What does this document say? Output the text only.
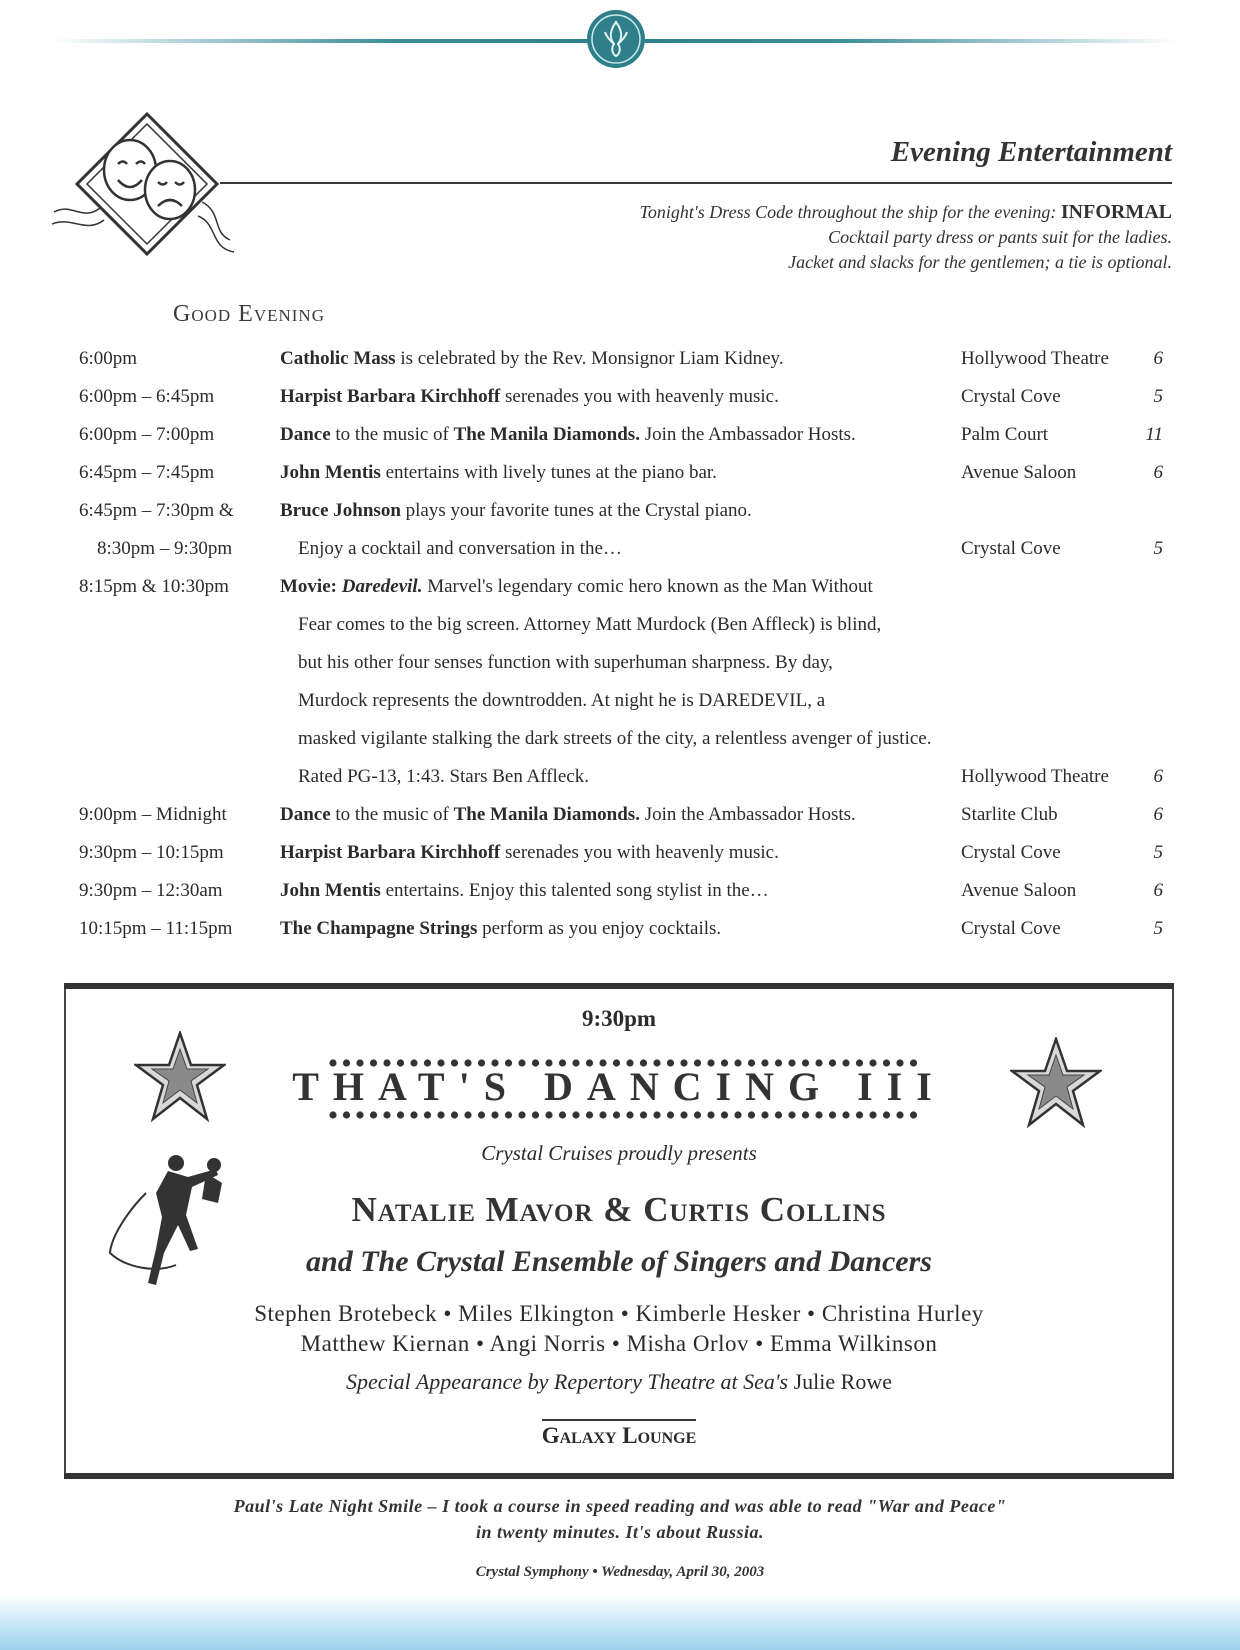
Evening Entertainment
Tonight's Dress Code throughout the ship for the evening: INFORMAL
Cocktail party dress or pants suit for the ladies.
Jacket and slacks for the gentlemen; a tie is optional.
Good Evening
6:00pm	Catholic Mass is celebrated by the Rev. Monsignor Liam Kidney.	Hollywood Theatre 6
6:00pm – 6:45pm	Harpist Barbara Kirchhoff serenades you with heavenly music.	Crystal Cove	5
6:00pm – 7:00pm	Dance to the music of The Manila Diamonds. Join the Ambassador Hosts.	Palm Court	11
6:45pm – 7:45pm	John Mentis entertains with lively tunes at the piano bar.	Avenue Saloon	6
6:45pm – 7:30pm & Bruce Johnson plays your favorite tunes at the Crystal piano.
8:30pm – 9:30pm	Enjoy a cocktail and conversation in the…	Crystal Cove	5
8:15pm & 10:30pm	Movie: Daredevil. Marvel's legendary comic hero known as the Man Without
Fear comes to the big screen. Attorney Matt Murdock (Ben Affleck) is blind,
but his other four senses function with superhuman sharpness. By day,
Murdock represents the downtrodden. At night he is DAREDEVIL, a
masked vigilante stalking the dark streets of the city, a relentless avenger of justice.
Rated PG-13, 1:43. Stars Ben Affleck.	Hollywood Theatre 6
9:00pm – Midnight	Dance to the music of The Manila Diamonds. Join the Ambassador Hosts.	Starlite Club	6
9:30pm – 10:15pm	Harpist Barbara Kirchhoff serenades you with heavenly music.	Crystal Cove	5
9:30pm – 12:30am	John Mentis entertains. Enjoy this talented song stylist in the…	Avenue Saloon	6
10:15pm – 11:15pm	The Champagne Strings perform as you enjoy cocktails.	Crystal Cove	5
9:30pm
THAT'S DANCING III
Crystal Cruises proudly presents
Natalie Mavor & Curtis Collins
and The Crystal Ensemble of Singers and Dancers
Stephen Brotebeck • Miles Elkington • Kimberle Hesker • Christina Hurley
Matthew Kiernan • Angi Norris • Misha Orlov • Emma Wilkinson
Special Appearance by Repertory Theatre at Sea's Julie Rowe
Galaxy Lounge
Paul's Late Night Smile – I took a course in speed reading and was able to read "War and Peace"
in twenty minutes. It's about Russia.
Crystal Symphony • Wednesday, April 30, 2003
